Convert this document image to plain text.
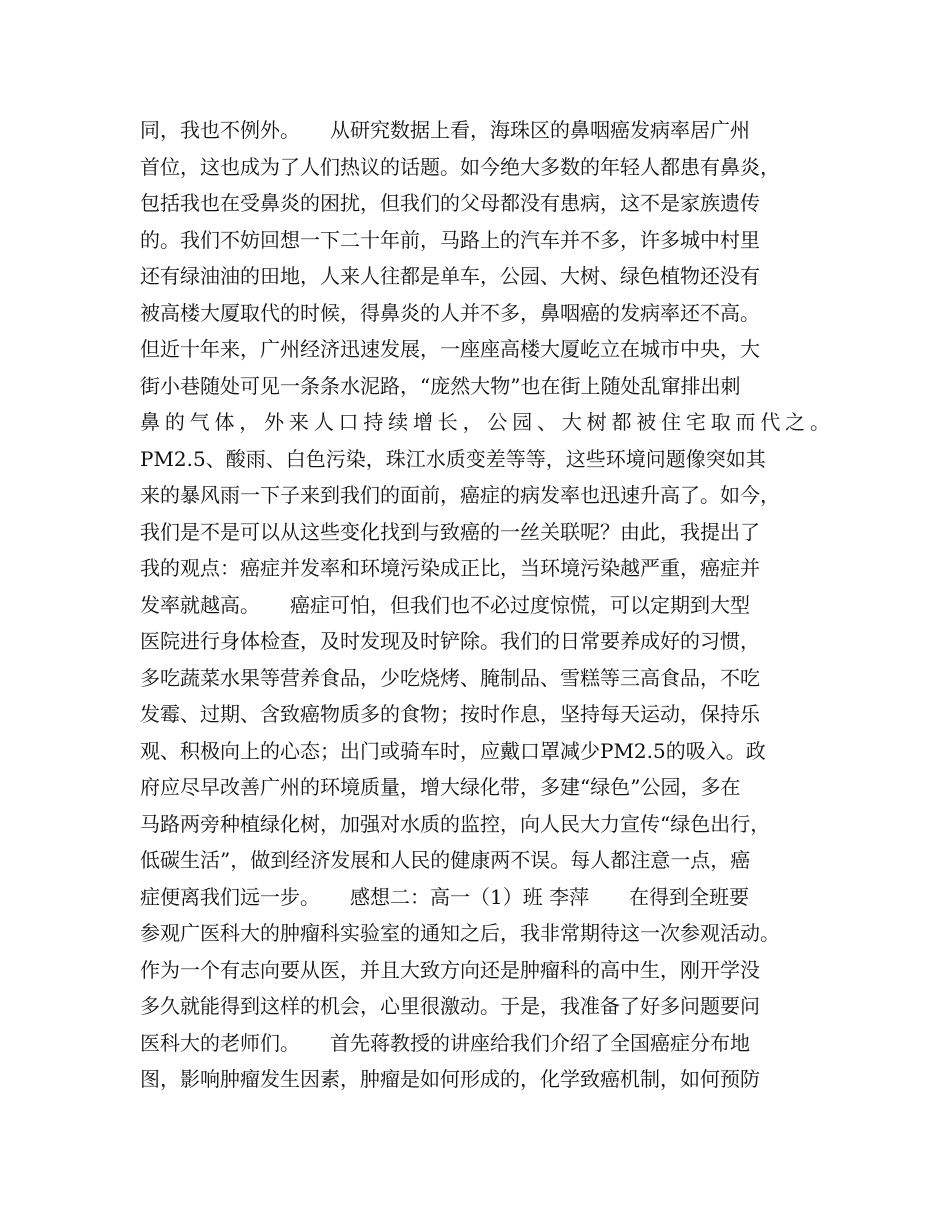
同，我也不例外。　　从研究数据上看，海珠区的鼻咽癌发病率居广州
首位，这也成为了人们热议的话题。如今绝大多数的年轻人都患有鼻炎，
包括我也在受鼻炎的困扰，但我们的父母都没有患病，这不是家族遗传
的。我们不妨回想一下二十年前，马路上的汽车并不多，许多城中村里
还有绿油油的田地，人来人往都是单车，公园、大树、绿色植物还没有
被高楼大厦取代的时候，得鼻炎的人并不多，鼻咽癌的发病率还不高。
但近十年来，广州经济迅速发展，一座座高楼大厦屹立在城市中央，大
街小巷随处可见一条条水泥路，“庞然大物”也在街上随处乱窜排出刺
鼻的气体，外来人口持续增长，公园、大树都被住宅取而代之。
PM2.5、酸雨、白色污染，珠江水质变差等等，这些环境问题像突如其
来的暴风雨一下子来到我们的面前，癌症的病发率也迅速升高了。如今，
我们是不是可以从这些变化找到与致癌的一丝关联呢？由此，我提出了
我的观点：癌症并发率和环境污染成正比，当环境污染越严重，癌症并
发率就越高。　　癌症可怕，但我们也不必过度惊慌，可以定期到大型
医院进行身体检查，及时发现及时铲除。我们的日常要养成好的习惯，
多吃蔬菜水果等营养食品，少吃烧烤、腌制品、雪糕等三高食品，不吃
发霉、过期、含致癌物质多的食物；按时作息，坚持每天运动，保持乐
观、积极向上的心态；出门或骑车时，应戴口罩减少PM2.5的吸入。政
府应尽早改善广州的环境质量，增大绿化带，多建“绿色”公园，多在
马路两旁种植绿化树，加强对水质的监控，向人民大力宣传“绿色出行，
低碳生活”，做到经济发展和人民的健康两不误。每人都注意一点，癌
症便离我们远一步。　　感想二：高一（1）班 李萍　　在得到全班要
参观广医科大的肿瘤科实验室的通知之后，我非常期待这一次参观活动。
作为一个有志向要从医，并且大致方向还是肿瘤科的高中生，刚开学没
多久就能得到这样的机会，心里很激动。于是，我准备了好多问题要问
医科大的老师们。　　首先蒋教授的讲座给我们介绍了全国癌症分布地
图，影响肿瘤发生因素，肿瘤是如何形成的，化学致癌机制，如何预防
